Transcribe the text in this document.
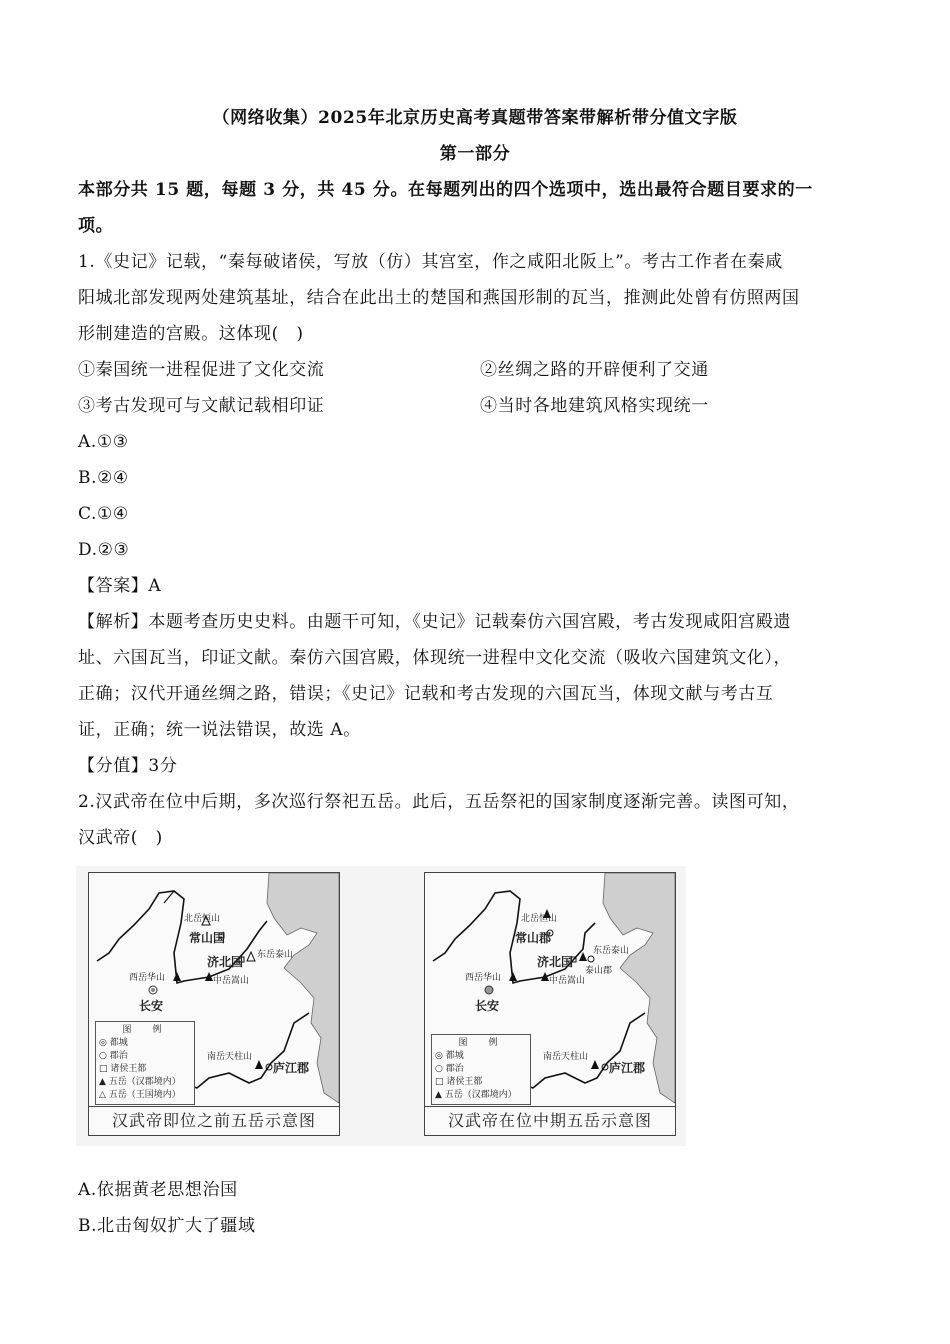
（网络收集）2025年北京历史高考真题带答案带解析带分值文字版
第一部分
本部分共 15 题，每题 3 分，共 45 分。在每题列出的四个选项中，选出最符合题目要求的一
项。
1.《史记》记载，“秦每破诸侯，写放（仿）其宫室，作之咸阳北阪上”。考古工作者在秦咸
阳城北部发现两处建筑基址，结合在此出土的楚国和燕国形制的瓦当，推测此处曾有仿照两国
形制建造的宫殿。这体现(　)
①秦国统一进程促进了文化交流	②丝绸之路的开辟便利了交通
③考古发现可与文献记载相印证	④当时各地建筑风格实现统一
A.①③
B.②④
C.①④
D.②③
【答案】A
【解析】本题考查历史史料。由题干可知，《史记》记载秦仿六国宫殿，考古发现咸阳宫殿遗
址、六国瓦当，印证文献。秦仿六国宫殿，体现统一进程中文化交流（吸收六国建筑文化），
正确；汉代开通丝绸之路，错误；《史记》记载和考古发现的六国瓦当，体现文献与考古互
证，正确；统一说法错误，故选 A。
【分值】3分
2.汉武帝在位中后期，多次巡行祭祀五岳。此后，五岳祭祀的国家制度逐渐完善。读图可知，
汉武帝(　)
北岳恒山
常山国
东岳泰山
济北国
西岳华山	中岳嵩山
长安
南岳天柱山
庐江郡
图　例
◎ 都城
○ 郡治
□ 诸侯王都
▲ 五岳（汉郡境内）
△ 五岳（王国境内）
汉武帝即位之前五岳示意图
北岳恒山
常山郡
东岳泰山
济北国
泰山郡
西岳华山	中岳嵩山
长安
南岳天柱山
庐江郡
图　例
◎ 都城
○ 郡治
□ 诸侯王都
▲ 五岳（汉郡境内）
汉武帝在位中期五岳示意图
A.依据黄老思想治国
B.北击匈奴扩大了疆域
